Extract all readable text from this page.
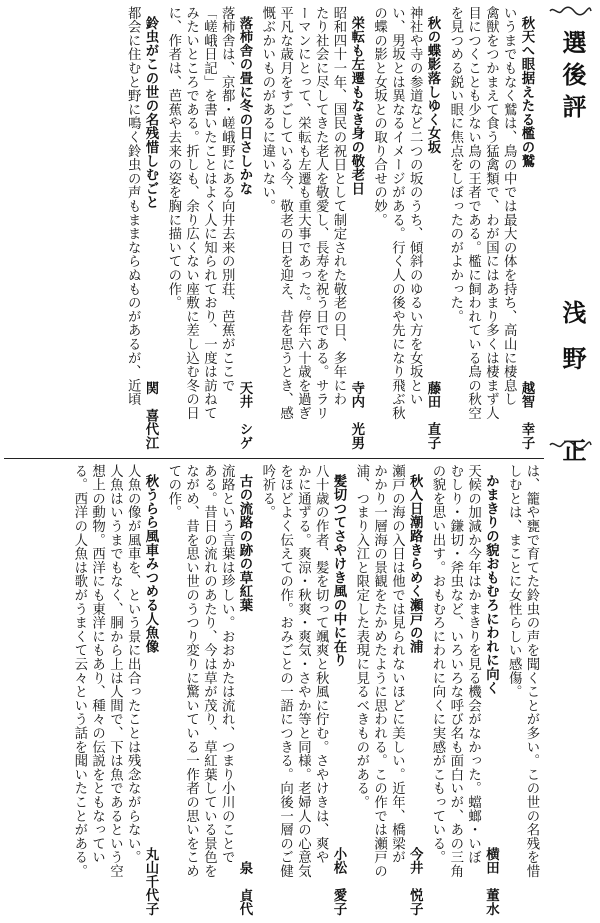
選後評
浅野　正
秋天へ眼据えたる檻の鷲
越智　幸子
いうまでもなく鷲は、鳥の中では最大の体を持ち、高山に棲息し
禽獣をつかまえて食う猛禽類で、わが国にはあまり多くは棲まず人
目につくことも少ない鳥の王者である。檻に飼われている鳥の秋空
を見つめる鋭い眼に焦点をしぼったのがよかった。
秋の蝶影落しゆく女坂
藤田　直子
神社や寺の参道など二つの坂のうち、傾斜のゆるい方を女坂とい
い、男坂とは異なるイメージがある。行く人の後や先になり飛ぶ秋
の蝶の影と女坂との取り合せの妙。
栄転も左遷もなき身の敬老日
寺内　光男
昭和四十一年、国民の祝日として制定された敬老の日、多年にわ
たり社会に尽してきた老人を敬愛し、長寿を祝う日である。サラリ
ーマンにとって、栄転も左遷も重大事であった。停年六十歳を過ぎ
平凡な歳月をすごしている今、敬老の日を迎え、昔を思うとき、感
慨ぶかいものがあるに違いない。
落柿舎の畳に冬の日さしかな
天井　シゲ
落柿舎は、京都・嵯峨野にある向井去来の別荘、芭蕉がここで
「嵯峨日記」を書いたことはよく人に知られており、一度は訪ねて
みたいところである。折しも、余り広くない座敷に差し込む冬の日
に、作者は、芭蕉や去来の姿を胸に描いての作。
鈴虫がこの世の名残惜しむごと
関　喜代江
都会に住むと野に鳴く鈴虫の声もままならぬものがあるが、近頃
は、籠や甕で育てた鈴虫の声を聞くことが多い。この世の名残を惜
しむとは、まことに女性らしい感傷。
かまきりの貌おもむろにわれに向く
横田　董水
天候の加減か今年はかまきりを見る機会がなかった。蟷螂・いぼ
むしり・鎌切・斧虫など、いろいろな呼び名も面白いが、あの三角
の貌を思い出す。おもむろにわれに向くに実感がこもっている。
秋入日潮路きらめく瀬戸の浦
今井　悦子
瀬戸の海の入日は他では見られないほどに美しい。近年、橋梁が
かかり一層海の景観をたかめたように思われる。この作では瀬戸の
浦、つまり入江と限定した表現に見るべきものがある。
髪切つてさやけき風の中に在り
小松　愛子
八十歳の作者、髪を切って颯爽と秋風に佇む。さやけきは、爽や
かに通ずる。爽涼・秋爽・爽気・さやか等と同様。老婦人の心意気
をほどよく伝えての作。おみごとの一語につきる。向後一層のご健
吟祈る。
古の流路の跡の草紅葉
泉　貞代
流路という言葉は珍しい。おおかたは流れ、つまり小川のことで
ある。昔日の流れのあたり、今は草が茂り、草紅葉している景色を
ながめ、昔を思い世のうつり変りに驚いている一作者の思いをこめ
ての作。
秋うらら風車みつめる人魚像
丸山千代子
人魚の像が風車を、という景に出合ったことは残念ながらない。
人魚はいうまでもなく、胴から上は人間で、下は魚であるという空
想上の動物。西洋にも東洋にもあり、種々の伝説をともなってい
る。西洋の人魚は歌がうまくて云々という話を聞いたことがある。
